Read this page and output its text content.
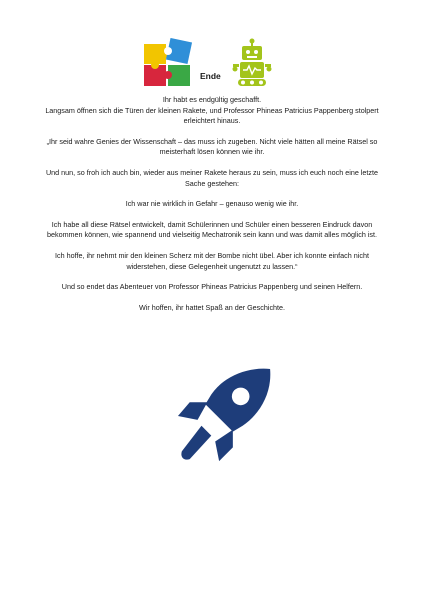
Ende

Ihr habt es endgültig geschafft.

Langsam öffnen sich die Türen der kleinen Rakete, und Professor Phineas Patricius Pappenberg stolpert erleichtert hinaus.

„Ihr seid wahre Genies der Wissenschaft – das muss ich zugeben. Nicht viele hätten all meine Rätsel so meisterhaft lösen können wie ihr.

Und nun, so froh ich auch bin, wieder aus meiner Rakete heraus zu sein, muss ich euch noch eine letzte Sache gestehen:

Ich war nie wirklich in Gefahr – genauso wenig wie ihr.

Ich habe all diese Rätsel entwickelt, damit Schülerinnen und Schüler einen besseren Eindruck davon bekommen können, wie spannend und vielseitig Mechatronik sein kann und was damit alles möglich ist.

Ich hoffe, ihr nehmt mir den kleinen Scherz mit der Bombe nicht übel. Aber ich konnte einfach nicht widerstehen, diese Gelegenheit ungenutzt zu lassen.“

Und so endet das Abenteuer von Professor Phineas Patricius Pappenberg und seinen Helfern.

Wir hoffen, ihr hattet Spaß an der Geschichte.
